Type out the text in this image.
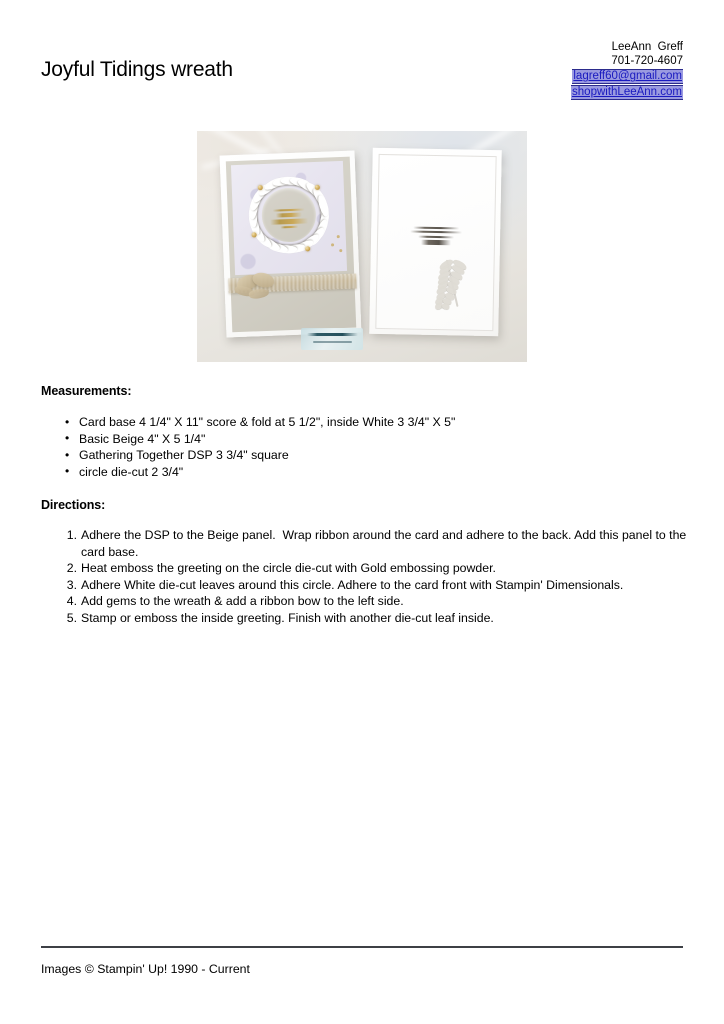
Joyful Tidings wreath
LeeAnn  Greff
701-720-4607
lagreff60@gmail.com
shopwithLeeAnn.com
Measurements:
• Card base 4 1/4" X 11" score & fold at 5 1/2", inside White 3 3/4" X 5"
• Basic Beige 4" X 5 1/4"
• Gathering Together DSP 3 3/4" square
• circle die-cut 2 3/4"
Directions:
1. Adhere the DSP to the Beige panel.  Wrap ribbon around the card and adhere to the back. Add this panel to the card base.
2. Heat emboss the greeting on the circle die-cut with Gold embossing powder.
3. Adhere White die-cut leaves around this circle. Adhere to the card front with Stampin' Dimensionals.
4. Add gems to the wreath & add a ribbon bow to the left side.
5. Stamp or emboss the inside greeting. Finish with another die-cut leaf inside.
Images © Stampin' Up! 1990 - Current
